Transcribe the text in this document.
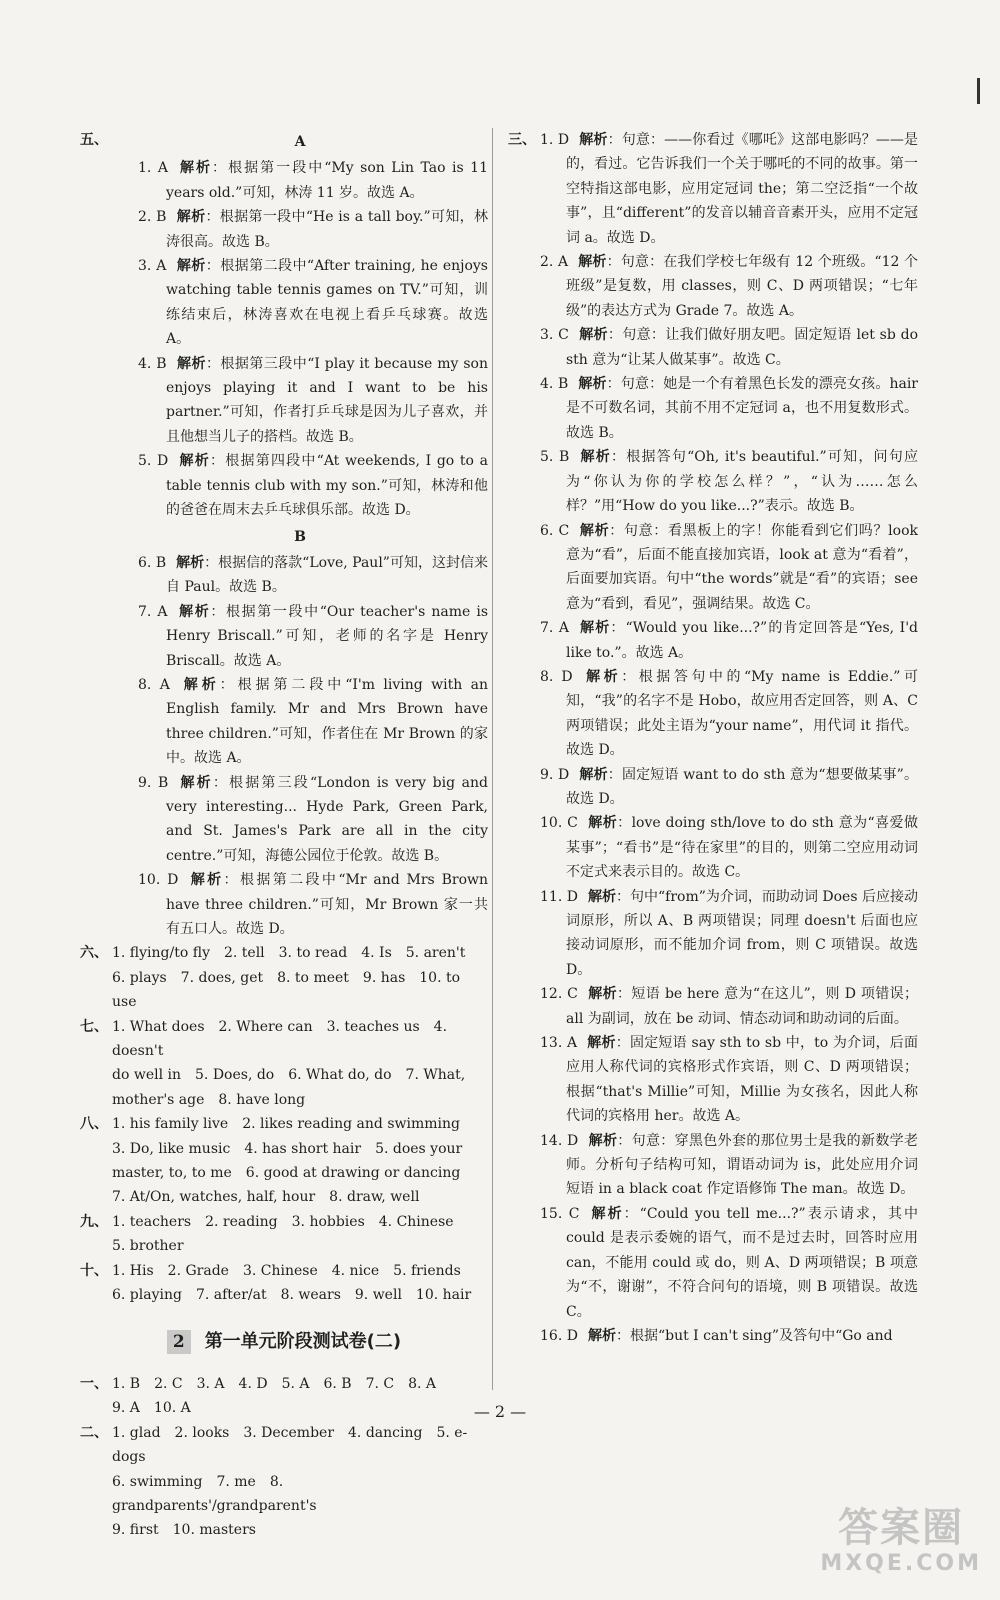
五、	A

1. A 解析：根据第一段中“My son Lin Tao is 11 years old.”可知，林涛 11 岁。故选 A。

2. B 解析：根据第一段中“He is a tall boy.”可知，林涛很高。故选 B。

3. A 解析：根据第二段中“After training, he enjoys watching table tennis games on TV.”可知，训练结束后，林涛喜欢在电视上看乒乓球赛。故选 A。

4. B 解析：根据第三段中“I play it because my son enjoys playing it and I want to be his partner.”可知，作者打乒乓球是因为儿子喜欢，并且他想当儿子的搭档。故选 B。

5. D 解析：根据第四段中“At weekends, I go to a table tennis club with my son.”可知，林涛和他的爸爸在周末去乒乓球俱乐部。故选 D。

B

6. B 解析：根据信的落款“Love, Paul”可知，这封信来自 Paul。故选 B。

7. A 解析：根据第一段中“Our teacher's name is Henry Briscall.”可知，老师的名字是 Henry Briscall。故选 A。

8. A 解析：根据第二段中“I'm living with an English family. Mr and Mrs Brown have three children.”可知，作者住在 Mr Brown 的家中。故选 A。

9. B 解析：根据第三段“London is very big and very interesting... Hyde Park, Green Park, and St. James's Park are all in the city centre.”可知，海德公园位于伦敦。故选 B。

10. D 解析：根据第二段中“Mr and Mrs Brown have three children.”可知，Mr Brown 家一共有五口人。故选 D。

六、 1. flying/to fly　2. tell　3. to read　4. Is　5. aren't
6. plays　7. does, get　8. to meet　9. has　10. to use
七、 1. What does　2. Where can　3. teaches us　4. doesn't
do well in　5. Does, do　6. What do, do　7. What,
mother's age　8. have long
八、 1. his family live　2. likes reading and swimming
3. Do, like music　4. has short hair　5. does your
master, to, to me　6. good at drawing or dancing
7. At/On, watches, half, hour　8. draw, well
九、 1. teachers　2. reading　3. hobbies　4. Chinese
5. brother
十、 1. His　2. Grade　3. Chinese　4. nice　5. friends
6. playing　7. after/at　8. wears　9. well　10. hair
2	第一单元阶段测试卷(二)
一、 1. B　2. C　3. A　4. D　5. A　6. B　7. C　8. A
9. A　10. A
二、 1. glad　2. looks　3. December　4. dancing　5. e-dogs
6. swimming　7. me　8. grandparents'/grandparent's
9. first　10. masters
三、 1. D 解析：句意：——你看过《哪吒》这部电影吗？——是的，看过。它告诉我们一个关于哪吒的不同的故事。第一空特指这部电影，应用定冠词 the；第二空泛指“一个故事”，且“different”的发音以辅音音素开头，应用不定冠词 a。故选 D。

2. A 解析：句意：在我们学校七年级有 12 个班级。“12 个班级”是复数，用 classes，则 C、D 两项错误；“七年级”的表达方式为 Grade 7。故选 A。

3. C 解析：句意：让我们做好朋友吧。固定短语 let sb do sth 意为“让某人做某事”。故选 C。

4. B 解析：句意：她是一个有着黑色长发的漂亮女孩。hair 是不可数名词，其前不用不定冠词 a，也不用复数形式。故选 B。

5. B 解析：根据答句“Oh, it's beautiful.”可知，问句应为“你认为你的学校怎么样？”，“认为……怎么样？”用“How do you like...?”表示。故选 B。

6. C 解析：句意：看黑板上的字！你能看到它们吗？look 意为“看”，后面不能直接加宾语，look at 意为“看着”，后面要加宾语。句中“the words”就是“看”的宾语；see 意为“看到，看见”，强调结果。故选 C。

7. A 解析：“Would you like...?”的肯定回答是“Yes, I'd like to.”。故选 A。

8. D 解析：根据答句中的“My name is Eddie.”可知，“我”的名字不是 Hobo，故应用否定回答，则 A、C 两项错误；此处主语为“your name”，用代词 it 指代。故选 D。

9. D 解析：固定短语 want to do sth 意为“想要做某事”。故选 D。

10. C 解析：love doing sth/love to do sth 意为“喜爱做某事”；“看书”是“待在家里”的目的，则第二空应用动词不定式来表示目的。故选 C。

11. D 解析：句中“from”为介词，而助动词 Does 后应接动词原形，所以 A、B 两项错误；同理 doesn't 后面也应接动词原形，而不能加介词 from，则 C 项错误。故选 D。

12. C 解析：短语 be here 意为“在这儿”，则 D 项错误；all 为副词，放在 be 动词、情态动词和助动词的后面。

13. A 解析：固定短语 say sth to sb 中，to 为介词，后面应用人称代词的宾格形式作宾语，则 C、D 两项错误；根据“that's Millie”可知，Millie 为女孩名，因此人称代词的宾格用 her。故选 A。

14. D 解析：句意：穿黑色外套的那位男士是我的新数学老师。分析句子结构可知，谓语动词为 is，此处应用介词短语 in a black coat 作定语修饰 The man。故选 D。

15. C 解析：“Could you tell me...?”表示请求，其中 could 是表示委婉的语气，而不是过去时，回答时应用 can，不能用 could 或 do，则 A、D 两项错误；B 项意为“不，谢谢”，不符合问句的语境，则 B 项错误。故选 C。

16. D 解析：根据“but I can't sing”及答句中“Go and

— 2 —
答案圈
MXQE.COM
